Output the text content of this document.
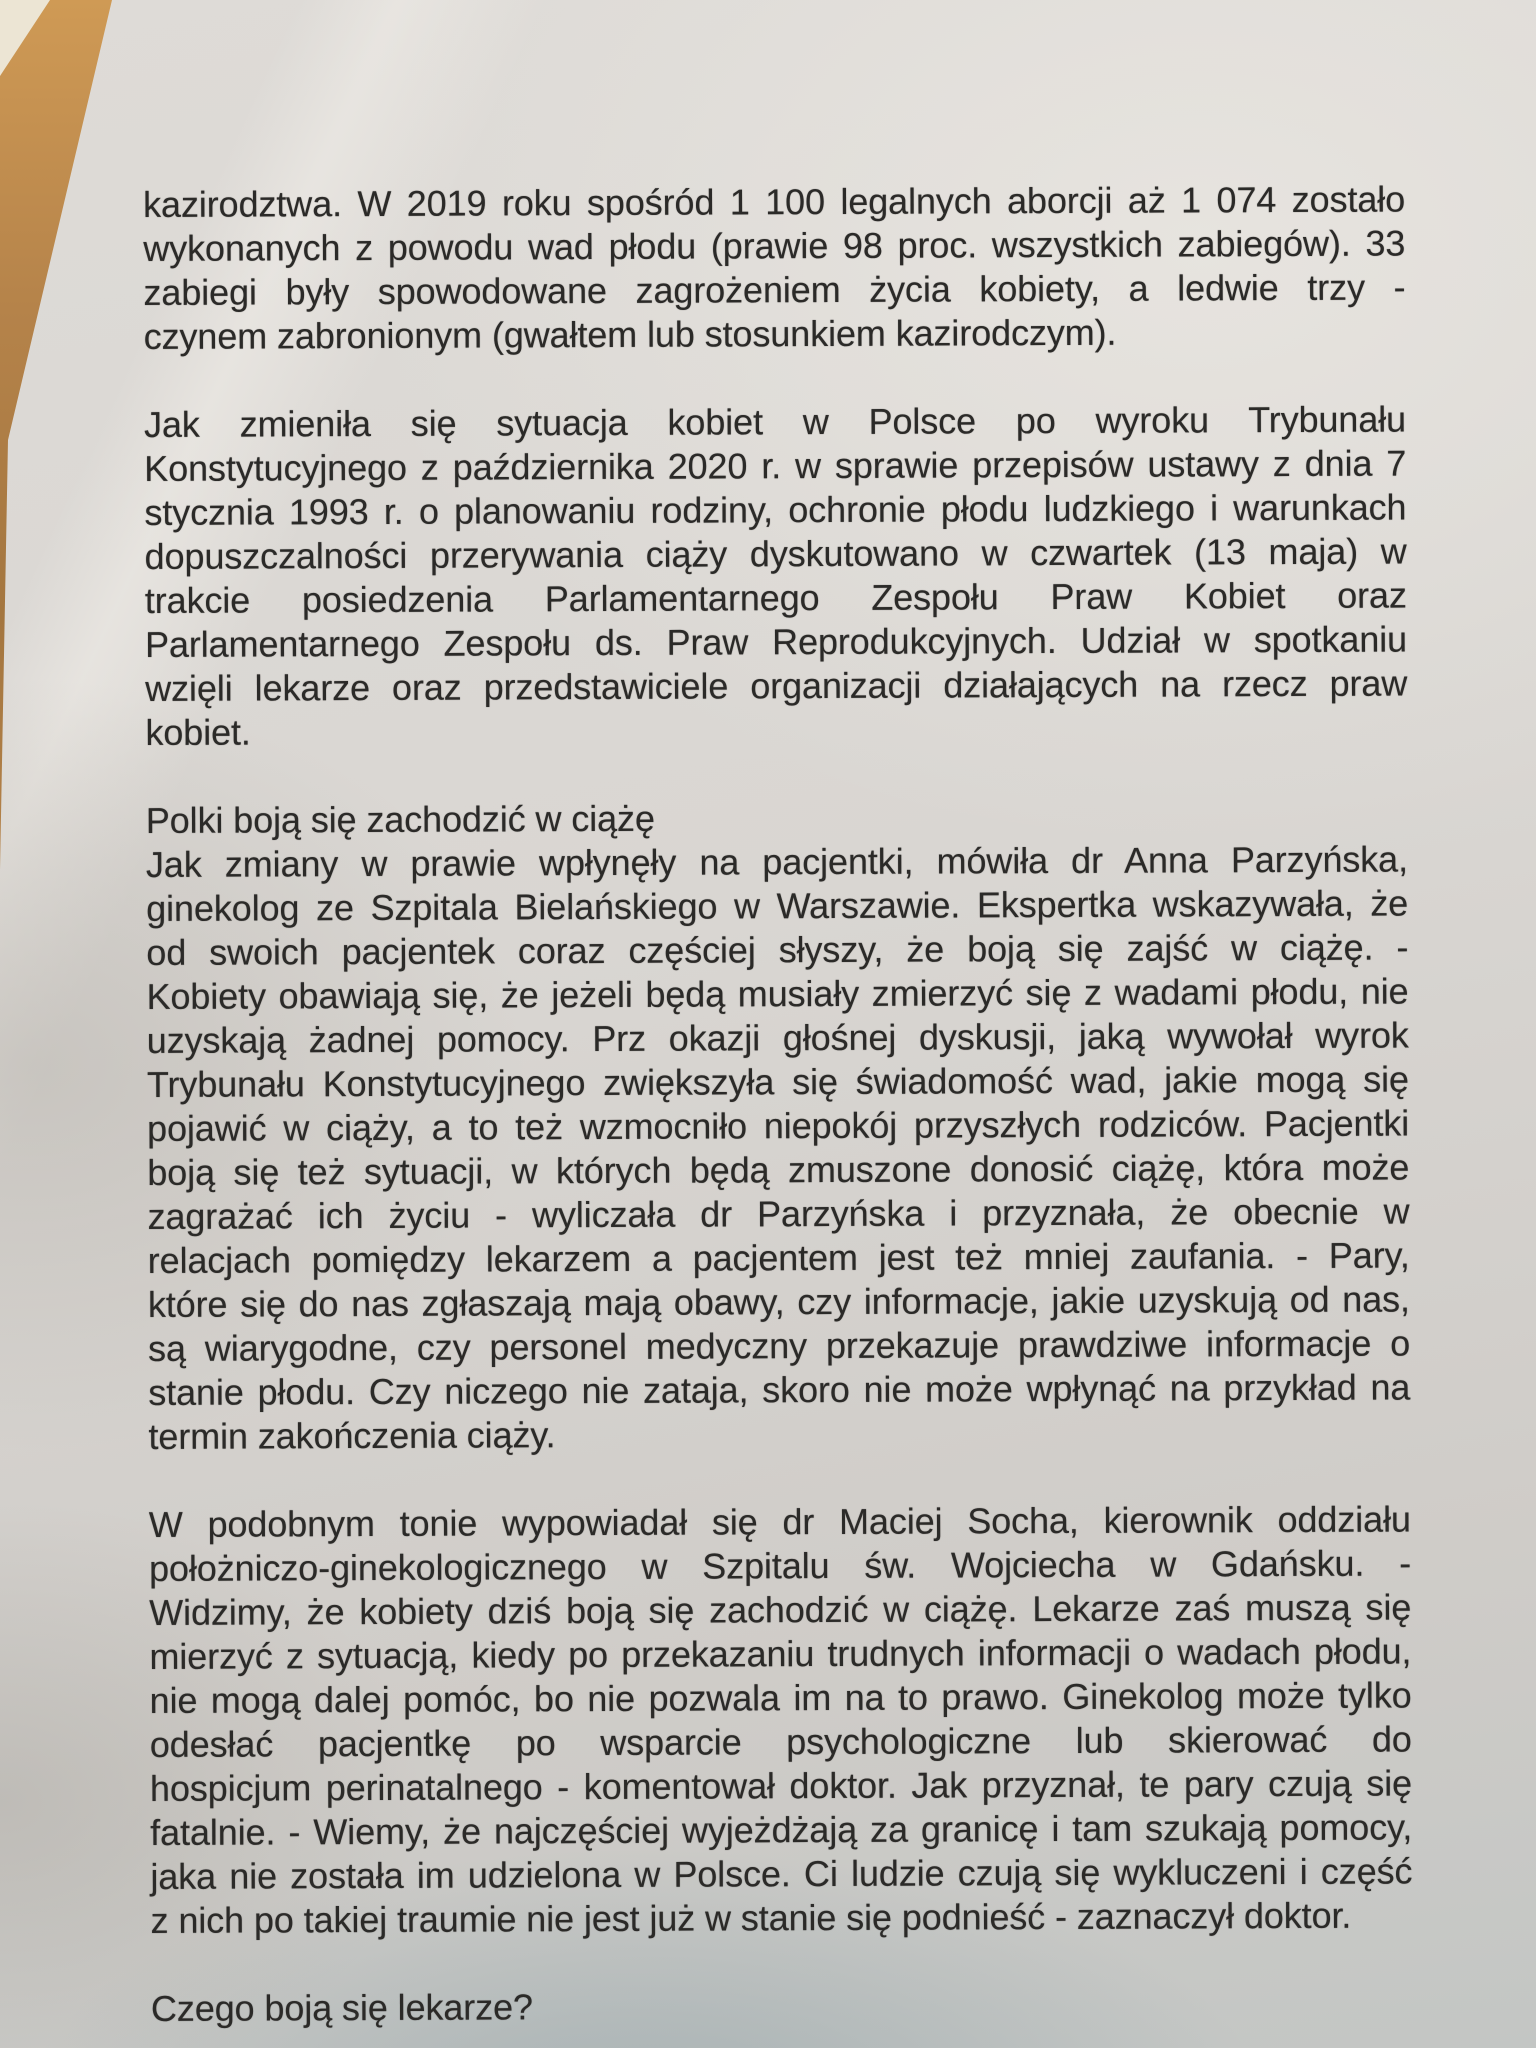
kazirodztwa. W 2019 roku spośród 1 100 legalnych aborcji aż 1 074 zostało
wykonanych z powodu wad płodu (prawie 98 proc. wszystkich zabiegów). 33
zabiegi były spowodowane zagrożeniem życia kobiety, a ledwie trzy -
czynem zabronionym (gwałtem lub stosunkiem kazirodczym).
Jak zmieniła się sytuacja kobiet w Polsce po wyroku Trybunału
Konstytucyjnego z października 2020 r. w sprawie przepisów ustawy z dnia 7
stycznia 1993 r. o planowaniu rodziny, ochronie płodu ludzkiego i warunkach
dopuszczalności przerywania ciąży dyskutowano w czwartek (13 maja) w
trakcie posiedzenia Parlamentarnego Zespołu Praw Kobiet oraz
Parlamentarnego Zespołu ds. Praw Reprodukcyjnych. Udział w spotkaniu
wzięli lekarze oraz przedstawiciele organizacji działających na rzecz praw
kobiet.
Polki boją się zachodzić w ciążę
Jak zmiany w prawie wpłynęły na pacjentki, mówiła dr Anna Parzyńska,
ginekolog ze Szpitala Bielańskiego w Warszawie. Ekspertka wskazywała, że
od swoich pacjentek coraz częściej słyszy, że boją się zajść w ciążę. -
Kobiety obawiają się, że jeżeli będą musiały zmierzyć się z wadami płodu, nie
uzyskają żadnej pomocy. Prz okazji głośnej dyskusji, jaką wywołał wyrok
Trybunału Konstytucyjnego zwiększyła się świadomość wad, jakie mogą się
pojawić w ciąży, a to też wzmocniło niepokój przyszłych rodziców. Pacjentki
boją się też sytuacji, w których będą zmuszone donosić ciążę, która może
zagrażać ich życiu - wyliczała dr Parzyńska i przyznała, że obecnie w
relacjach pomiędzy lekarzem a pacjentem jest też mniej zaufania. - Pary,
które się do nas zgłaszają mają obawy, czy informacje, jakie uzyskują od nas,
są wiarygodne, czy personel medyczny przekazuje prawdziwe informacje o
stanie płodu. Czy niczego nie zataja, skoro nie może wpłynąć na przykład na
termin zakończenia ciąży.
W podobnym tonie wypowiadał się dr Maciej Socha, kierownik oddziału
położniczo-ginekologicznego w Szpitalu św. Wojciecha w Gdańsku. -
Widzimy, że kobiety dziś boją się zachodzić w ciążę. Lekarze zaś muszą się
mierzyć z sytuacją, kiedy po przekazaniu trudnych informacji o wadach płodu,
nie mogą dalej pomóc, bo nie pozwala im na to prawo. Ginekolog może tylko
odesłać pacjentkę po wsparcie psychologiczne lub skierować do
hospicjum perinatalnego - komentował doktor. Jak przyznał, te pary czują się
fatalnie. - Wiemy, że najczęściej wyjeżdżają za granicę i tam szukają pomocy,
jaka nie została im udzielona w Polsce. Ci ludzie czują się wykluczeni i część
z nich po takiej traumie nie jest już w stanie się podnieść - zaznaczył doktor.
Czego boją się lekarze?
